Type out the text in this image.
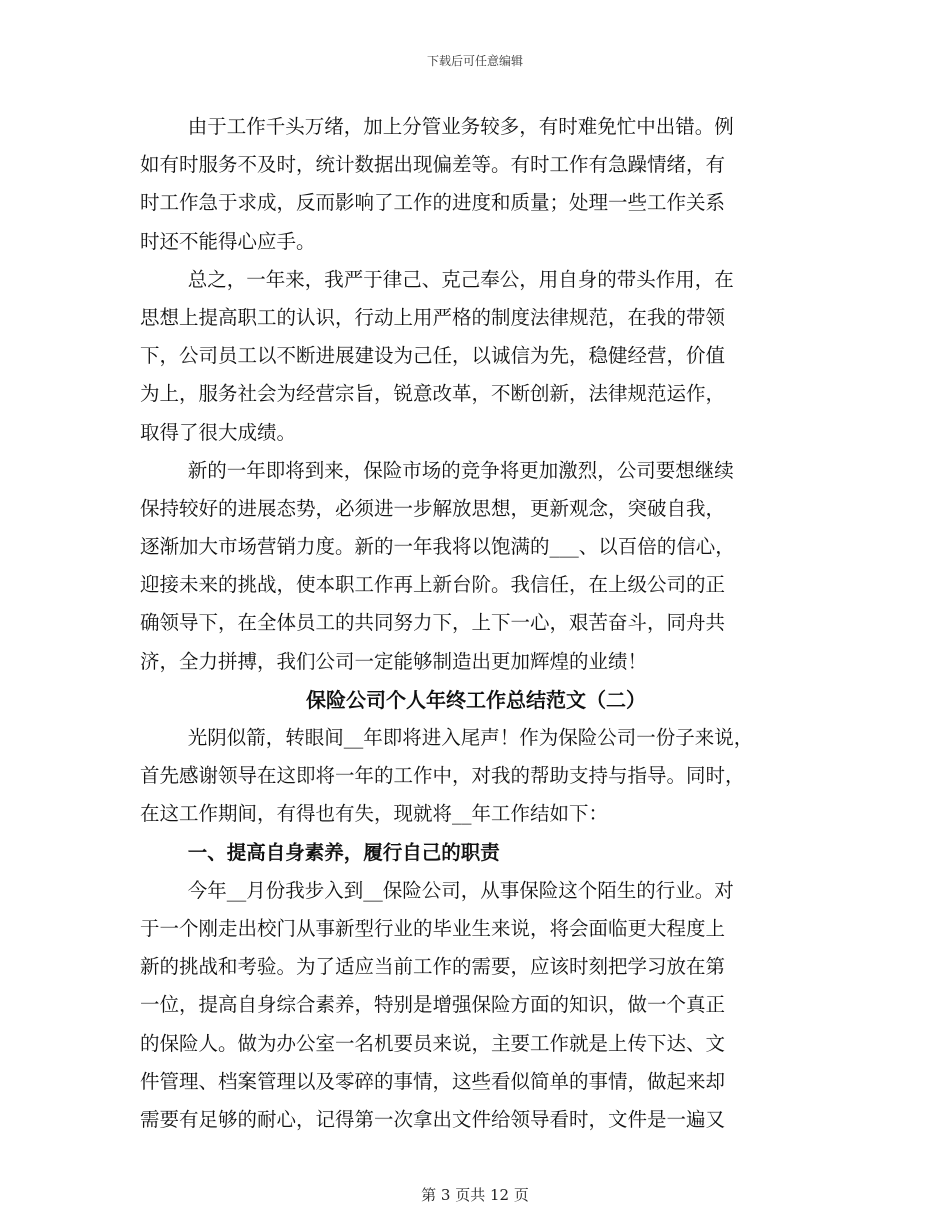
下载后可任意编辑
由于工作千头万绪，加上分管业务较多，有时难免忙中出错。例
如有时服务不及时，统计数据出现偏差等。有时工作有急躁情绪，有
时工作急于求成，反而影响了工作的进度和质量；处理一些工作关系
时还不能得心应手。
总之，一年来，我严于律己、克己奉公，用自身的带头作用，在
思想上提高职工的认识，行动上用严格的制度法律规范，在我的带领
下，公司员工以不断进展建设为己任，以诚信为先，稳健经营，价值
为上，服务社会为经营宗旨，锐意改革，不断创新，法律规范运作，
取得了很大成绩。
新的一年即将到来，保险市场的竞争将更加激烈，公司要想继续
保持较好的进展态势，必须进一步解放思想，更新观念，突破自我，
逐渐加大市场营销力度。新的一年我将以饱满的___、以百倍的信心，
迎接未来的挑战，使本职工作再上新台阶。我信任，在上级公司的正
确领导下，在全体员工的共同努力下，上下一心，艰苦奋斗，同舟共
济，全力拼搏，我们公司一定能够制造出更加辉煌的业绩！
保险公司个人年终工作总结范文（二）
光阴似箭，转眼间__年即将进入尾声！作为保险公司一份子来说，
首先感谢领导在这即将一年的工作中，对我的帮助支持与指导。同时，
在这工作期间，有得也有失，现就将__年工作结如下：
一、提高自身素养，履行自己的职责
今年__月份我步入到__保险公司，从事保险这个陌生的行业。对
于一个刚走出校门从事新型行业的毕业生来说，将会面临更大程度上
新的挑战和考验。为了适应当前工作的需要，应该时刻把学习放在第
一位，提高自身综合素养，特别是增强保险方面的知识，做一个真正
的保险人。做为办公室一名机要员来说，主要工作就是上传下达、文
件管理、档案管理以及零碎的事情，这些看似简单的事情，做起来却
需要有足够的耐心，记得第一次拿出文件给领导看时，文件是一遍又
第 3 页共 12 页
